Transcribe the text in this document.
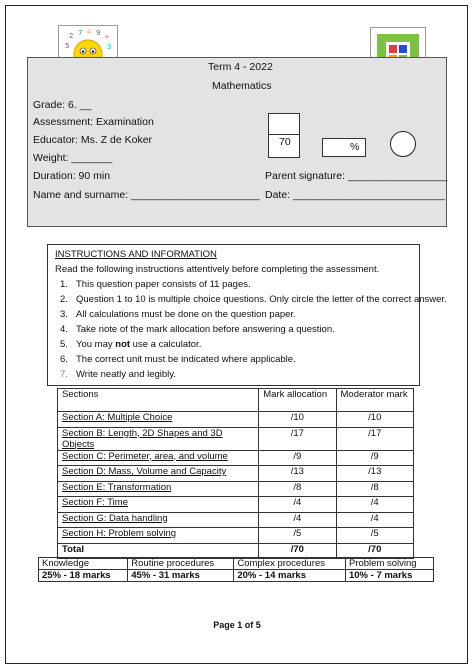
2 7 4 9 +
5	3
Term 4 - 2022
Mathematics
Grade: 6. __
Assessment: Examination
Educator: Ms. Z de Koker
Weight: _______
Duration: 90 min
Name and surname: ______________________
Parent signature: _________________
Date: __________________________
70	%
INSTRUCTIONS AND INFORMATION
Read the following instructions attentively before completing the assessment.
1. This question paper consists of 11 pages.
2. Question 1 to 10 is multiple choice questions. Only circle the letter of the correct answer.
3. All calculations must be done on the question paper.
4. Take note of the mark allocation before answering a question.
5. You may not use a calculator.
6. The correct unit must be indicated where applicable.
7. Write neatly and legibly.
Sections	Mark allocation	Moderator mark
Section A: Multiple Choice	/10	/10
Section B: Length, 2D Shapes and 3D Objects	/17	/17
Section C: Perimeter, area, and volume	/9	/9
Section D: Mass, Volume and Capacity	/13	/13
Section E: Transformation	/8	/8
Section F: Time	/4	/4
Section G: Data handling	/4	/4
Section H: Problem solving	/5	/5
Total	/70	/70
Knowledge	Routine procedures	Complex procedures	Problem solving
25% - 18 marks	45% - 31 marks	20% - 14 marks	10% - 7 marks
Page 1 of 5
